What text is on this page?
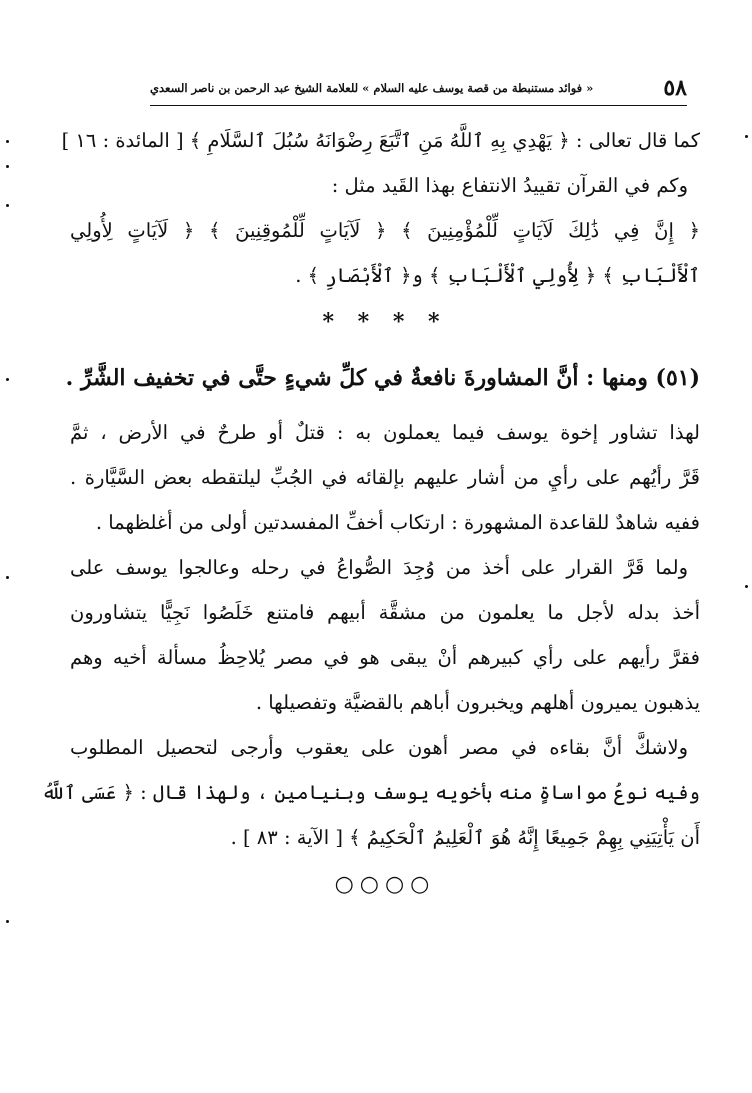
٥٨
« فوائد مستنبطة من قصة يوسف عليه السلام » للعلامة الشيخ عبد الرحمن بن ناصر السعدي
كما قال تعالى : ﴿ يَهْدِي بِهِ ٱللَّهُ مَنِ ٱتَّبَعَ رِضْوَانَهُ سُبُلَ ٱلسَّلَامِ ﴾ [ المائدة : ١٦ ]
وكم في القرآن تقييدُ الانتفاع بهذا القَيد مثل :
﴿ إِنَّ فِي ذَٰلِكَ لَآيَاتٍ لِّلْمُؤْمِنِينَ ﴾ ﴿ لَآيَاتٍ لِّلْمُوقِنِينَ ﴾ ﴿ لَآيَاتٍ لِأُولِي
ٱلْأَلْبَابِ ﴾ ﴿ لِأُولِي ٱلْأَلْبَابِ ﴾ و﴿ ٱلْأَبْصَارِ ﴾ .
* * * *
(٥١) ومنها : أنَّ المشاورةَ نافعةٌ في كلِّ شيءٍ حتَّى في تخفيف الشَّرِّ .
لهذا تشاور إخوة يوسف فيما يعملون به : قتلٌ أو طرحٌ في الأرض ، ثمَّ
قَرَّ رأيُهم على رأيِ من أشار عليهم بإلقائه في الجُبِّ ليلتقطه بعض السَّيَّارة .
ففيه شاهدٌ للقاعدة المشهورة : ارتكاب أخفِّ المفسدتين أولى من أغلظهما .
ولما قَرَّ القرار على أخذ من وُجِدَ الصُّواعُ في رحله وعالجوا يوسف على
أخذ بدله لأجل ما يعلمون من مشقَّة أبيهم فامتنع خَلَصُوا نَجِيًّا يتشاورون
فقرَّ رأيهم على رأي كبيرهم أنْ يبقى هو في مصر يُلاحِظُ مسألة أخيه وهم
يذهبون يميرون أهلهم ويخبرون أباهم بالقضيَّة وتفصيلها .
ولاشكَّ أنَّ بقاءه في مصر أهون على يعقوب وأرجى لتحصيل المطلوب
وفيه نوعُ مواساةٍ منه بأخويه يوسف وبنيامين ، ولهذا قال : ﴿ عَسَى ٱللَّهُ
أَن يَأْتِيَنِي بِهِمْ جَمِيعًا إِنَّهُ هُوَ ٱلْعَلِيمُ ٱلْحَكِيمُ ﴾ [ الآية : ٨٣ ] .
○○○○
